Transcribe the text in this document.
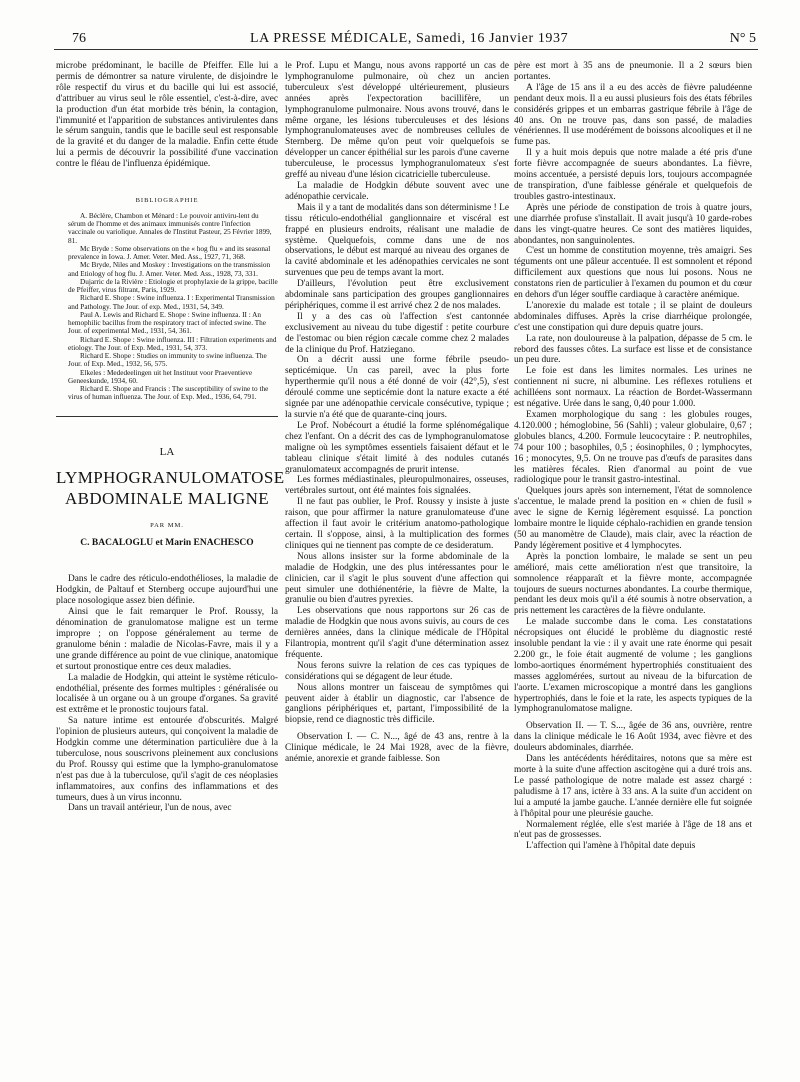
76	LA PRESSE MÉDICALE, Samedi, 16 Janvier 1937	N° 5

microbe prédominant, le bacille de Pfeiffer. Elle lui a permis de démontrer sa nature virulente, de disjoindre le rôle respectif du virus et du bacille qui lui est associé, d'attribuer au virus seul le rôle essentiel, c'est-à-dire, avec la production d'un état morbide très bénin, la contagion, l'immunité et l'apparition de substances antivirulentes dans le sérum sanguin, tandis que le bacille seul est responsable de la gravité et du danger de la maladie. Enfin cette étude lui a permis de découvrir la possibilité d'une vaccination contre le fléau de l'influenza épidémique.

BIBLIOGRAPHIE

A. Béclère, Chambon et Ménard : Le pouvoir antiviru-lent du sérum de l'homme et des animaux immunisés contre l'infection vaccinale ou variolique. Annales de l'Institut Pasteur, 25 Février 1899, 81.

Mc Bryde : Some observations on the « hog flu » and its seasonal prevalence in Iowa. J. Amer. Veter. Med. Ass., 1927, 71, 368.

Mc Bryde, Niles and Moskey : Investigations on the transmission and Etiology of hog flu. J. Amer. Veter. Med. Ass., 1928, 73, 331.

Dujarric de la Rivière : Etiologie et prophylaxie de la grippe, bacille de Pfeiffer, virus filtrant, Paris, 1929.

Richard E. Shope : Swine influenza. I : Experimental Transmission and Pathology. The Jour. of exp. Med., 1931, 54, 349.

Paul A. Lewis and Richard E. Shope : Swine influenza. II : An hemophilic bacillus from the respiratory tract of infected swine. The Jour. of experimental Med., 1931, 54, 361.

Richard E. Shope : Swine influenza. III : Filtration experiments and etiology. The Jour. of Exp. Med., 1931, 54, 373.

Richard E. Shope : Studies on immunity to swine influenza. The Jour. of Exp. Med., 1932, 56, 575.

Elkeles : Mededeelingen uit het Instituut voor Praeventieve Geneeskunde, 1934, 60.

Richard E. Shope and Francis : The susceptibility of swine to the virus of human influenza. The Jour. of Exp. Med., 1936, 64, 791.

LA
LYMPHOGRANULOMATOSE ABDOMINALE MALIGNE
PAR MM.
C. BACALOGLU et Marin ENACHESCO

Dans le cadre des réticulo-endothélioses, la maladie de Hodgkin, de Paltauf et Sternberg occupe aujourd'hui une place nosologique assez bien définie.

Ainsi que le fait remarquer le Prof. Roussy, la dénomination de granulomatose maligne est un terme impropre ; on l'oppose généralement au terme de granulome bénin : maladie de Nicolas-Favre, mais il y a une grande différence au point de vue clinique, anatomique et surtout pronostique entre ces deux maladies.

La maladie de Hodgkin, qui atteint le système réticulo-endothélial, présente des formes multiples : généralisée ou localisée à un organe ou à un groupe d'organes. Sa gravité est extrême et le pronostic toujours fatal.

Sa nature intime est entourée d'obscurités. Malgré l'opinion de plusieurs auteurs, qui conçoivent la maladie de Hodgkin comme une détermination particulière due à la tuberculose, nous souscrivons pleinement aux conclusions du Prof. Roussy qui estime que la lympho-granulomatose n'est pas due à la tuberculose, qu'il s'agit de ces néoplasies inflammatoires, aux confins des inflammations et des tumeurs, dues à un virus inconnu.

Dans un travail antérieur, l'un de nous, avec

le Prof. Lupu et Mangu, nous avons rapporté un cas de lymphogranulome pulmonaire, où chez un ancien tuberculeux s'est développé ultérieurement, plusieurs années après l'expectoration bacillifère, un lymphogranulome pulmonaire. Nous avons trouvé, dans le même organe, les lésions tuberculeuses et des lésions lymphogranulomateuses avec de nombreuses cellules de Sternberg. De même qu'on peut voir quelquefois se développer un cancer épithélial sur les parois d'une caverne tuberculeuse, le processus lymphogranulomateux s'est greffé au niveau d'une lésion cicatricielle tuberculeuse.

La maladie de Hodgkin débute souvent avec une adénopathie cervicale.

Mais il y a tant de modalités dans son déterminisme ! Le tissu réticulo-endothélial ganglionnaire et viscéral est frappé en plusieurs endroits, réalisant une maladie de système. Quelquefois, comme dans une de nos observations, le début est marqué au niveau des organes de la cavité abdominale et les adénopathies cervicales ne sont survenues que peu de temps avant la mort.

D'ailleurs, l'évolution peut être exclusivement abdominale sans participation des groupes ganglionnaires périphériques, comme il est arrivé chez 2 de nos malades.

Il y a des cas où l'affection s'est cantonnée exclusivement au niveau du tube digestif : petite courbure de l'estomac ou bien région cæcale comme chez 2 malades de la clinique du Prof. Hatziegano.

On a décrit aussi une forme fébrile pseudo-septicémique. Un cas pareil, avec la plus forte hyperthermie qu'il nous a été donné de voir (42°,5), s'est déroulé comme une septicémie dont la nature exacte a été signée par une adénopathie cervicale consécutive, typique ; la survie n'a été que de quarante-cinq jours.

Le Prof. Nobécourt a étudié la forme splénomégalique chez l'enfant. On a décrit des cas de lymphogranulomatose maligne où les symptômes essentiels faisaient défaut et le tableau clinique s'était limité à des nodules cutanés granulomateux accompagnés de prurit intense.

Les formes médiastinales, pleuropulmonaires, osseuses, vertébrales surtout, ont été maintes fois signalées.

Il ne faut pas oublier, le Prof. Roussy y insiste à juste raison, que pour affirmer la nature granulomateuse d'une affection il faut avoir le critérium anatomo-pathologique certain. Il s'oppose, ainsi, à la multiplication des formes cliniques qui ne tiennent pas compte de ce desideratum.

Nous allons insister sur la forme abdominale de la maladie de Hodgkin, une des plus intéressantes pour le clinicien, car il s'agit le plus souvent d'une affection qui peut simuler une dothiénentérie, la fièvre de Malte, la granulie ou bien d'autres pyrexies.

Les observations que nous rapportons sur 26 cas de maladie de Hodgkin que nous avons suivis, au cours de ces dernières années, dans la clinique médicale de l'Hôpital Filantropia, montrent qu'il s'agit d'une détermination assez fréquente.

Nous ferons suivre la relation de ces cas typiques de considérations qui se dégagent de leur étude.

Nous allons montrer un faisceau de symptômes qui peuvent aider à établir un diagnostic, car l'absence de ganglions périphériques et, partant, l'impossibilité de la biopsie, rend ce diagnostic très difficile.

Observation I. — C. N..., âgé de 43 ans, rentre à la Clinique médicale, le 24 Mai 1928, avec de la fièvre, anémie, anorexie et grande faiblesse. Son

père est mort à 35 ans de pneumonie. Il a 2 sœurs bien portantes.

A l'âge de 15 ans il a eu des accès de fièvre paludéenne pendant deux mois. Il a eu aussi plusieurs fois des états fébriles considérés grippes et un embarras gastrique fébrile à l'âge de 40 ans. On ne trouve pas, dans son passé, de maladies vénériennes. Il use modérément de boissons alcooliques et il ne fume pas.

Il y a huit mois depuis que notre malade a été pris d'une forte fièvre accompagnée de sueurs abondantes. La fièvre, moins accentuée, a persisté depuis lors, toujours accompagnée de transpiration, d'une faiblesse générale et quelquefois de troubles gastro-intestinaux.

Après une période de constipation de trois à quatre jours, une diarrhée profuse s'installait. Il avait jusqu'à 10 garde-robes dans les vingt-quatre heures. Ce sont des matières liquides, abondantes, non sanguinolentes.

C'est un homme de constitution moyenne, très amaigri. Ses téguments ont une pâleur accentuée. Il est somnolent et répond difficilement aux questions que nous lui posons. Nous ne constatons rien de particulier à l'examen du poumon et du cœur en dehors d'un léger souffle cardiaque à caractère anémique.

L'anorexie du malade est totale ; il se plaint de douleurs abdominales diffuses. Après la crise diarrhéique prolongée, c'est une constipation qui dure depuis quatre jours.

La rate, non douloureuse à la palpation, dépasse de 5 cm. le rebord des fausses côtes. La surface est lisse et de consistance un peu dure.

Le foie est dans les limites normales. Les urines ne contiennent ni sucre, ni albumine. Les réflexes rotuliens et achilléens sont normaux. La réaction de Bordet-Wassermann est négative. Urée dans le sang, 0,40 pour 1.000.

Examen morphologique du sang : les globules rouges, 4.120.000 ; hémoglobine, 56 (Sahli) ; valeur globulaire, 0,67 ; globules blancs, 4.200. Formule leucocytaire : P. neutrophiles, 74 pour 100 ; basophiles, 0,5 ; éosinophiles, 0 ; lymphocytes, 16 ; monocytes, 9,5. On ne trouve pas d'œufs de parasites dans les matières fécales. Rien d'anormal au point de vue radiologique pour le transit gastro-intestinal.

Quelques jours après son internement, l'état de somnolence s'accentue, le malade prend la position en « chien de fusil » avec le signe de Kernig légèrement esquissé. La ponction lombaire montre le liquide céphalo-rachidien en grande tension (50 au manomètre de Claude), mais clair, avec la réaction de Pandy légèrement positive et 4 lymphocytes.

Après la ponction lombaire, le malade se sent un peu amélioré, mais cette amélioration n'est que transitoire, la somnolence réapparaît et la fièvre monte, accompagnée toujours de sueurs nocturnes abondantes. La courbe thermique, pendant les deux mois qu'il a été soumis à notre observation, a pris nettement les caractères de la fièvre ondulante.

Le malade succombe dans le coma. Les constatations nécropsiques ont élucidé le problème du diagnostic resté insoluble pendant la vie : il y avait une rate énorme qui pesait 2.200 gr., le foie était augmenté de volume ; les ganglions lombo-aortiques énormément hypertrophiés constituaient des masses agglomérées, surtout au niveau de la bifurcation de l'aorte. L'examen microscopique a montré dans les ganglions hypertrophiés, dans le foie et la rate, les aspects typiques de la lymphogranulomatose maligne.

Observation II. — T. S..., âgée de 36 ans, ouvrière, rentre dans la clinique médicale le 16 Août 1934, avec fièvre et des douleurs abdominales, diarrhée.

Dans les antécédents héréditaires, notons que sa mère est morte à la suite d'une affection ascitogène qui a duré trois ans. Le passé pathologique de notre malade est assez chargé : paludisme à 17 ans, ictère à 33 ans. A la suite d'un accident on lui a amputé la jambe gauche. L'année dernière elle fut soignée à l'hôpital pour une pleurésie gauche.

Normalement réglée, elle s'est mariée à l'âge de 18 ans et n'eut pas de grossesses.

L'affection qui l'amène à l'hôpital date depuis
